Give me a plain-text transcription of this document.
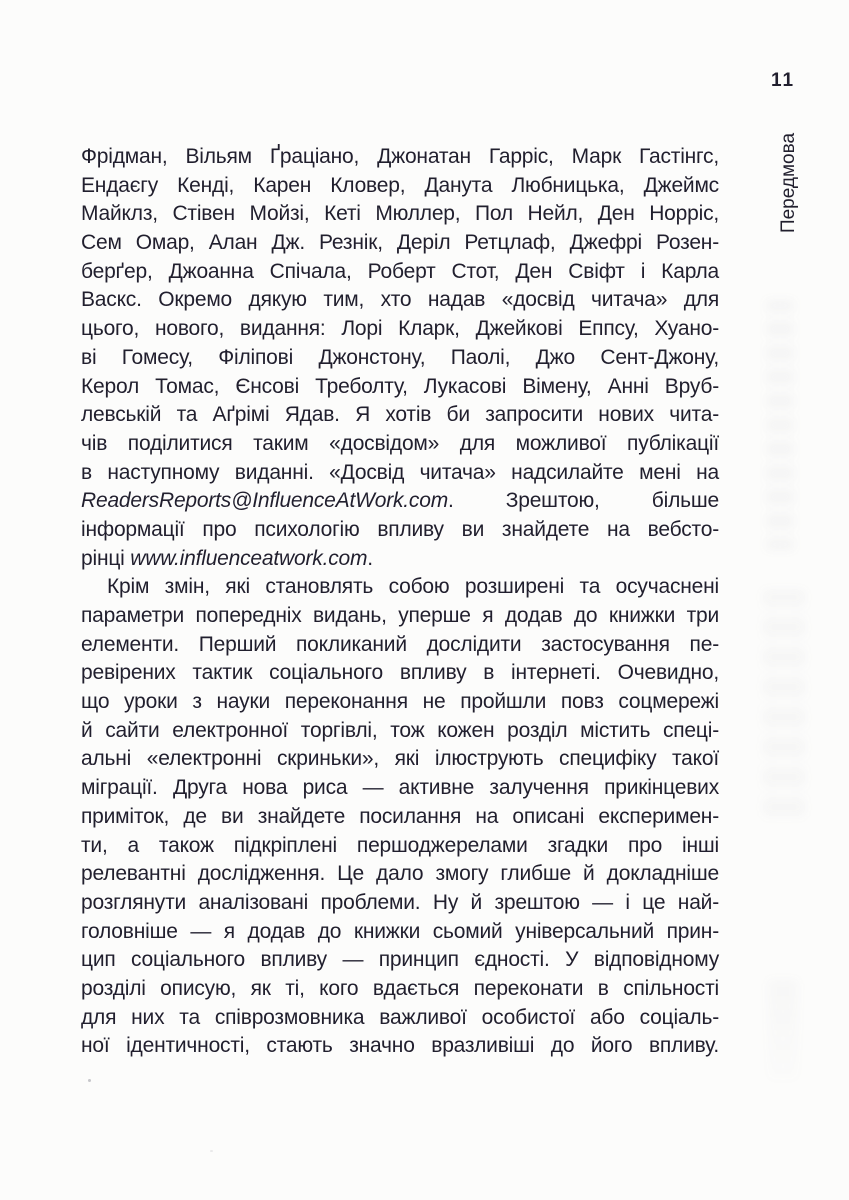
11
Передмова
Фрідман, Вільям Ґраціано, Джонатан Гарріс, Марк Гастінгс,
Ендаєгу Кенді, Карен Кловер, Данута Любницька, Джеймс
Майклз, Стівен Мойзі, Кеті Мюллер, Пол Нейл, Ден Норріс,
Сем Омар, Алан Дж. Резнік, Деріл Ретцлаф, Джефрі Розен-
берґер, Джоанна Спічала, Роберт Стот, Ден Свіфт і Карла
Васкс. Окремо дякую тим, хто надав «досвід читача» для
цього, нового, видання: Лорі Кларк, Джейкові Еппсу, Хуано-
ві Гомесу, Філіпові Джонстону, Паолі, Джо Сент-Джону,
Керол Томас, Єнсові Треболту, Лукасові Вімену, Анні Вруб-
левській та Аґрімі Ядав. Я хотів би запросити нових чита-
чів поділитися таким «досвідом» для можливої публікації
в наступному виданні. «Досвід читача» надсилайте мені на
ReadersReports@InfluenceAtWork.com. Зрештою, більше
інформації про психологію впливу ви знайдете на вебсто-
рінці www.influenceatwork.com.
Крім змін, які становлять собою розширені та осучаснені
параметри попередніх видань, уперше я додав до книжки три
елементи. Перший покликаний дослідити застосування пе-
ревірених тактик соціального впливу в інтернеті. Очевидно,
що уроки з науки переконання не пройшли повз соцмережі
й сайти електронної торгівлі, тож кожен розділ містить спеці-
альні «електронні скриньки», які ілюструють специфіку такої
міграції. Друга нова риса — активне залучення прикінцевих
приміток, де ви знайдете посилання на описані експеримен-
ти, а також підкріплені першоджерелами згадки про інші
релевантні дослідження. Це дало змогу глибше й докладніше
розглянути аналізовані проблеми. Ну й зрештою — і це най-
головніше — я додав до книжки сьомий універсальний прин-
цип соціального впливу — принцип єдності. У відповідному
розділі описую, як ті, кого вдається переконати в спільності
для них та співрозмовника важливої особистої або соціаль-
ної ідентичності, стають значно вразливіші до його впливу.
